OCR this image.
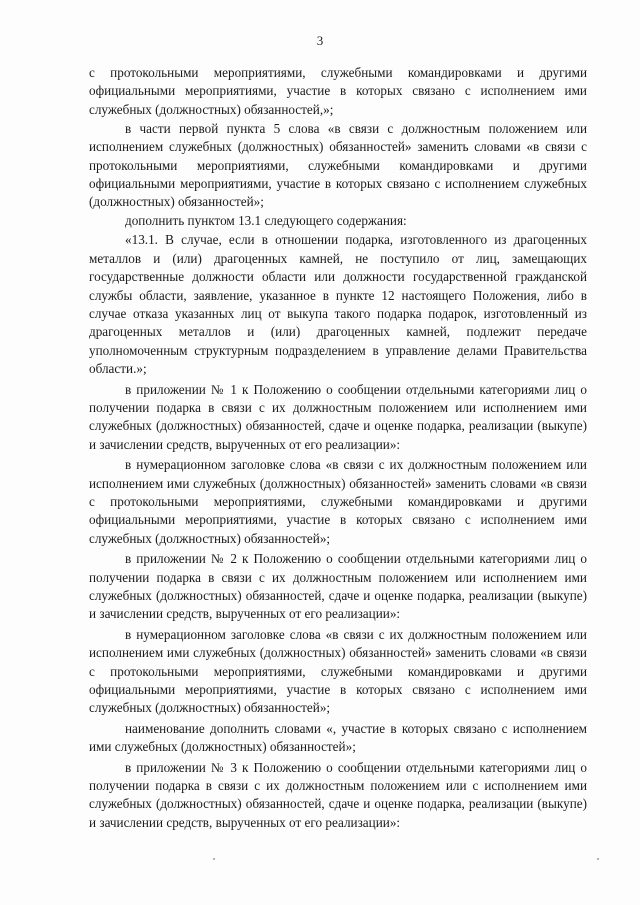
3

с протокольными мероприятиями, служебными командировками и другими официальными мероприятиями, участие в которых связано с исполнением ими служебных (должностных) обязанностей,»;

в части первой пункта 5 слова «в связи с должностным положением или исполнением служебных (должностных) обязанностей» заменить словами «в связи с протокольными мероприятиями, служебными командировками и другими официальными мероприятиями, участие в которых связано с исполнением служебных (должностных) обязанностей»;

дополнить пунктом 13.1 следующего содержания:

«13.1. В случае, если в отношении подарка, изготовленного из драгоценных металлов и (или) драгоценных камней, не поступило от лиц, замещающих государственные должности области или должности государственной гражданской службы области, заявление, указанное в пункте 12 настоящего Положения, либо в случае отказа указанных лиц от выкупа такого подарка подарок, изготовленный из драгоценных металлов и (или) драгоценных камней, подлежит передаче уполномоченным структурным подразделением в управление делами Правительства области.»;

в приложении № 1 к Положению о сообщении отдельными категориями лиц о получении подарка в связи с их должностным положением или исполнением ими служебных (должностных) обязанностей, сдаче и оценке подарка, реализации (выкупе) и зачислении средств, вырученных от его реализации»:

в нумерационном заголовке слова «в связи с их должностным положением или исполнением ими служебных (должностных) обязанностей» заменить словами «в связи с протокольными мероприятиями, служебными командировками и другими официальными мероприятиями, участие в которых связано с исполнением ими служебных (должностных) обязанностей»;

в приложении № 2 к Положению о сообщении отдельными категориями лиц о получении подарка в связи с их должностным положением или исполнением ими служебных (должностных) обязанностей, сдаче и оценке подарка, реализации (выкупе) и зачислении средств, вырученных от его реализации»:

в нумерационном заголовке слова «в связи с их должностным положением или исполнением ими служебных (должностных) обязанностей» заменить словами «в связи с протокольными мероприятиями, служебными командировками и другими официальными мероприятиями, участие в которых связано с исполнением ими служебных (должностных) обязанностей»;

наименование дополнить словами «, участие в которых связано с исполнением ими служебных (должностных) обязанностей»;

в приложении № 3 к Положению о сообщении отдельными категориями лиц о получении подарка в связи с их должностным положением или с исполнением ими служебных (должностных) обязанностей, сдаче и оценке подарка, реализации (выкупе) и зачислении средств, вырученных от его реализации»:
